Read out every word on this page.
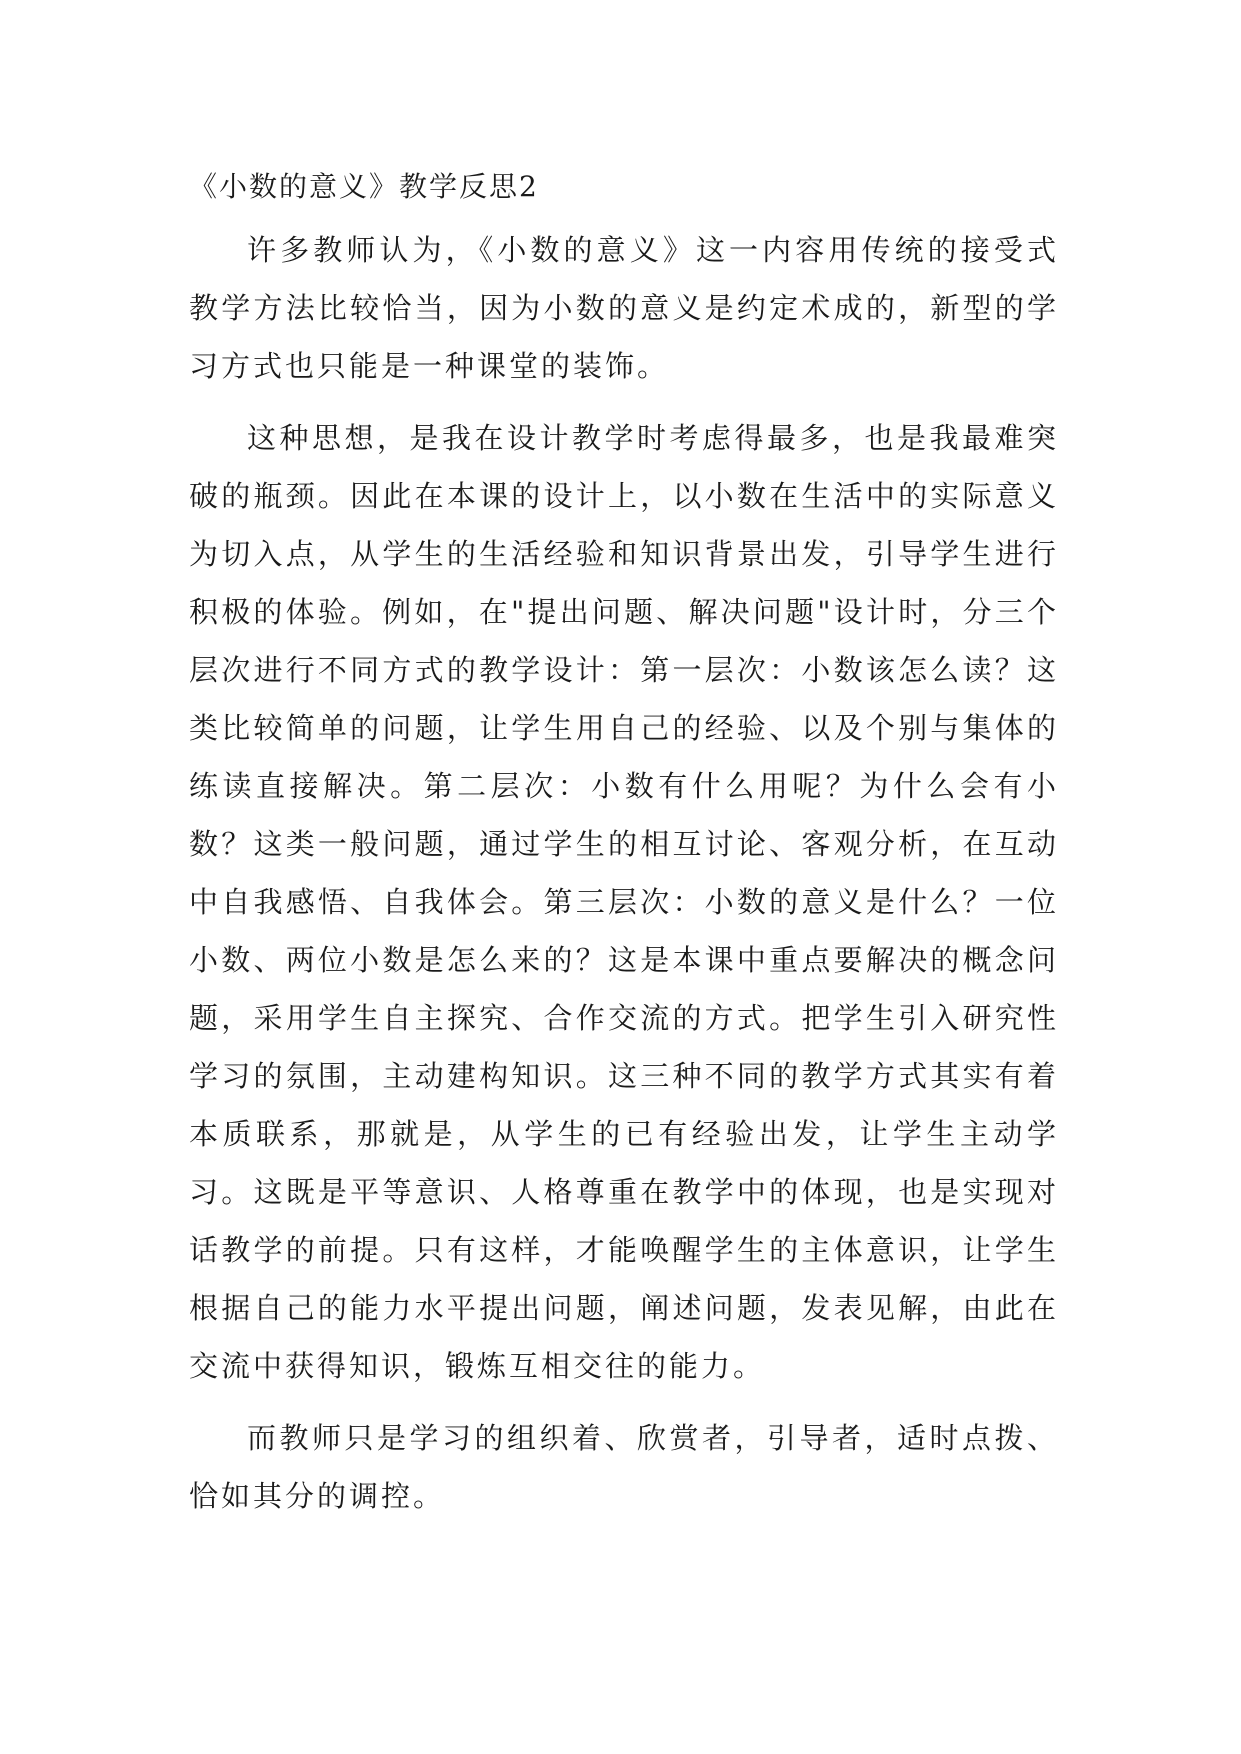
《小数的意义》教学反思2

许多教师认为，《小数的意义》这一内容用传统的接受式教学方法比较恰当，因为小数的意义是约定术成的，新型的学习方式也只能是一种课堂的装饰。

这种思想，是我在设计教学时考虑得最多，也是我最难突破的瓶颈。因此在本课的设计上，以小数在生活中的实际意义为切入点，从学生的生活经验和知识背景出发，引导学生进行积极的体验。例如，在"提出问题、解决问题"设计时，分三个层次进行不同方式的教学设计：第一层次：小数该怎么读？这类比较简单的问题，让学生用自己的经验、以及个别与集体的练读直接解决。第二层次：小数有什么用呢？为什么会有小数？这类一般问题，通过学生的相互讨论、客观分析，在互动中自我感悟、自我体会。第三层次：小数的意义是什么？一位小数、两位小数是怎么来的？这是本课中重点要解决的概念问题，采用学生自主探究、合作交流的方式。把学生引入研究性学习的氛围，主动建构知识。这三种不同的教学方式其实有着本质联系，那就是，从学生的已有经验出发，让学生主动学习。这既是平等意识、人格尊重在教学中的体现，也是实现对话教学的前提。只有这样，才能唤醒学生的主体意识，让学生根据自己的能力水平提出问题，阐述问题，发表见解，由此在交流中获得知识，锻炼互相交往的能力。

而教师只是学习的组织着、欣赏者，引导者，适时点拨、恰如其分的调控。
